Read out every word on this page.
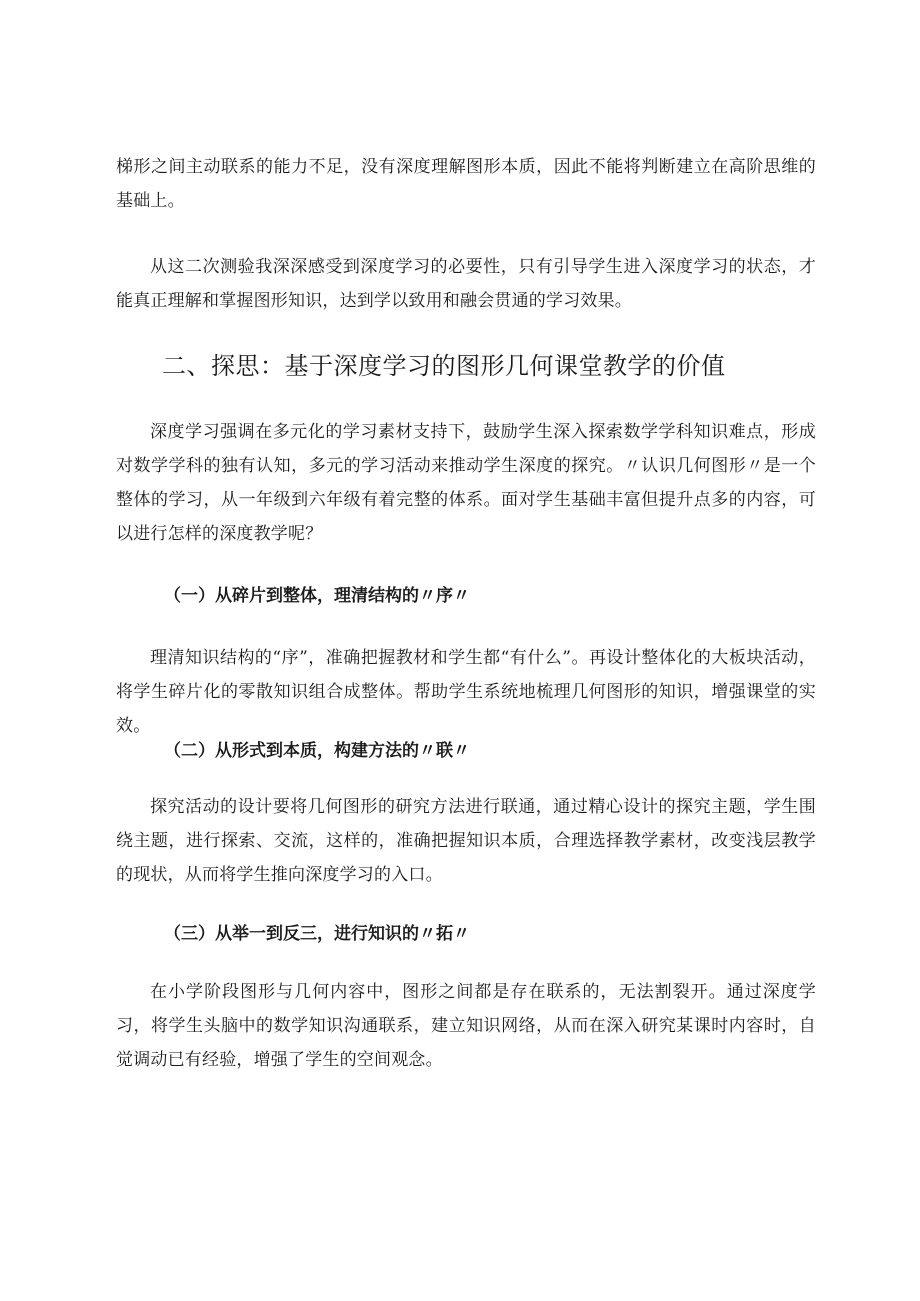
梯形之间主动联系的能力不足，没有深度理解图形本质，因此不能将判断建立在高阶思维的基础上。

从这二次测验我深深感受到深度学习的必要性，只有引导学生进入深度学习的状态，才能真正理解和掌握图形知识，达到学以致用和融会贯通的学习效果。

二、探思：基于深度学习的图形几何课堂教学的价值

深度学习强调在多元化的学习素材支持下，鼓励学生深入探索数学学科知识难点，形成对数学学科的独有认知，多元的学习活动来推动学生深度的探究。〃认识几何图形〃是一个整体的学习，从一年级到六年级有着完整的体系。面对学生基础丰富但提升点多的内容，可以进行怎样的深度教学呢？

（一）从碎片到整体，理清结构的〃序〃

理清知识结构的“序”，准确把握教材和学生都“有什么”。再设计整体化的大板块活动，将学生碎片化的零散知识组合成整体。帮助学生系统地梳理几何图形的知识，增强课堂的实效。

（二）从形式到本质，构建方法的〃联〃

探究活动的设计要将几何图形的研究方法进行联通，通过精心设计的探究主题，学生围绕主题，进行探索、交流，这样的，准确把握知识本质，合理选择教学素材，改变浅层教学的现状，从而将学生推向深度学习的入口。

（三）从举一到反三，进行知识的〃拓〃

在小学阶段图形与几何内容中，图形之间都是存在联系的，无法割裂开。通过深度学习，将学生头脑中的数学知识沟通联系，建立知识网络，从而在深入研究某课时内容时，自觉调动已有经验，增强了学生的空间观念。
